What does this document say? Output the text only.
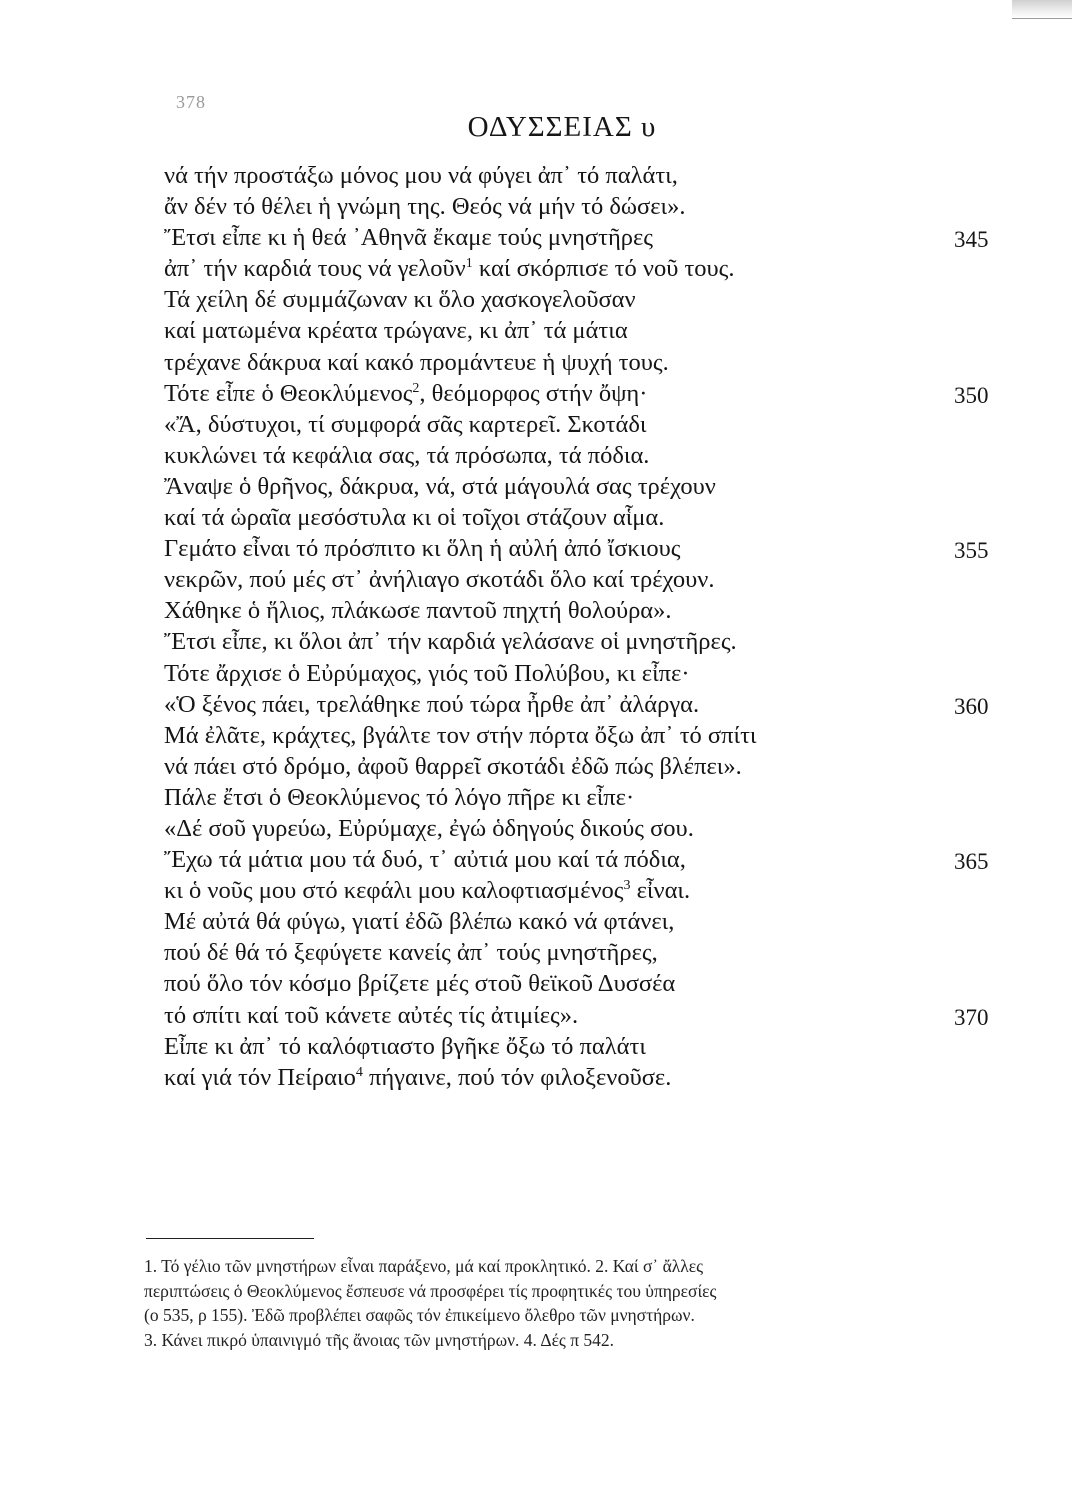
378
ΟΔΥΣΣΕΙΑΣ υ
νά τήν προστάξω μόνος μου νά φύγει ἀπ᾽ τό παλάτι,
ἄν δέν τό θέλει ἡ γνώμη της. Θεός νά μήν τό δώσει».
Ἔτσι εἶπε κι ἡ θεά ᾽Αθηνᾶ ἔκαμε τούς μνηστῆρες	345
ἀπ᾽ τήν καρδιά τους νά γελοῦν$^1$ καί σκόρπισε τό νοῦ τους.
Τά χείλη δέ συμμάζωναν κι ὅλο χασκογελοῦσαν
καί ματωμένα κρέατα τρώγανε, κι ἀπ᾽ τά μάτια
τρέχανε δάκρυα καί κακό προμάντευε ἡ ψυχή τους.
Τότε εἶπε ὁ Θεοκλύμενος$^2$, θεόμορφος στήν ὄψη·	350
«Ἄ, δύστυχοι, τί συμφορά σᾶς καρτερεῖ. Σκοτάδι
κυκλώνει τά κεφάλια σας, τά πρόσωπα, τά πόδια.
Ἄναψε ὁ θρῆνος, δάκρυα, νά, στά μάγουλά σας τρέχουν
καί τά ὡραῖα μεσόστυλα κι οἱ τοῖχοι στάζουν αἷμα.
Γεμάτο εἶναι τό πρόσπιτο κι ὅλη ἡ αὐλή ἀπό ἴσκιους	355
νεκρῶν, πού μές στ᾽ ἀνήλιαγο σκοτάδι ὅλο καί τρέχουν.
Χάθηκε ὁ ἥλιος, πλάκωσε παντοῦ πηχτή θολούρα».
Ἔτσι εἶπε, κι ὅλοι ἀπ᾽ τήν καρδιά γελάσανε οἱ μνηστῆρες.
Τότε ἄρχισε ὁ Εὐρύμαχος, γιός τοῦ Πολύβου, κι εἶπε·
«Ὁ ξένος πάει, τρελάθηκε πού τώρα ἦρθε ἀπ᾽ ἀλάργα.	360
Μά ἐλᾶτε, κράχτες, βγάλτε τον στήν πόρτα ὄξω ἀπ᾽ τό σπίτι
νά πάει στό δρόμο, ἀφοῦ θαρρεῖ σκοτάδι ἐδῶ πώς βλέπει».
Πάλε ἔτσι ὁ Θεοκλύμενος τό λόγο πῆρε κι εἶπε·
«Δέ σοῦ γυρεύω, Εὐρύμαχε, ἐγώ ὁδηγούς δικούς σου.
Ἔχω τά μάτια μου τά δυό, τ᾽ αὐτιά μου καί τά πόδια,	365
κι ὁ νοῦς μου στό κεφάλι μου καλοφτιασμένος$^3$ εἶναι.
Μέ αὐτά θά φύγω, γιατί ἐδῶ βλέπω κακό νά φτάνει,
πού δέ θά τό ξεφύγετε κανείς ἀπ᾽ τούς μνηστῆρες,
πού ὅλο τόν κόσμο βρίζετε μές στοῦ θεϊκοῦ Δυσσέα
τό σπίτι καί τοῦ κάνετε αὐτές τίς ἀτιμίες».	370
Εἶπε κι ἀπ᾽ τό καλόφτιαστο βγῆκε ὄξω τό παλάτι
καί γιά τόν Πείραιο$^4$ πήγαινε, πού τόν φιλοξενοῦσε.
1. Τό γέλιο τῶν μνηστήρων εἶναι παράξενο, μά καί προκλητικό. 2. Καί σ᾽ ἄλλες
περιπτώσεις ὁ Θεοκλύμενος ἔσπευσε νά προσφέρει τίς προφητικές του ὑπηρεσίες
(ο 535, ρ 155). Ἐδῶ προβλέπει σαφῶς τόν ἐπικείμενο ὄλεθρο τῶν μνηστήρων.
3. Κάνει πικρό ὑπαινιγμό τῆς ἄνοιας τῶν μνηστήρων. 4. Δές π 542.
